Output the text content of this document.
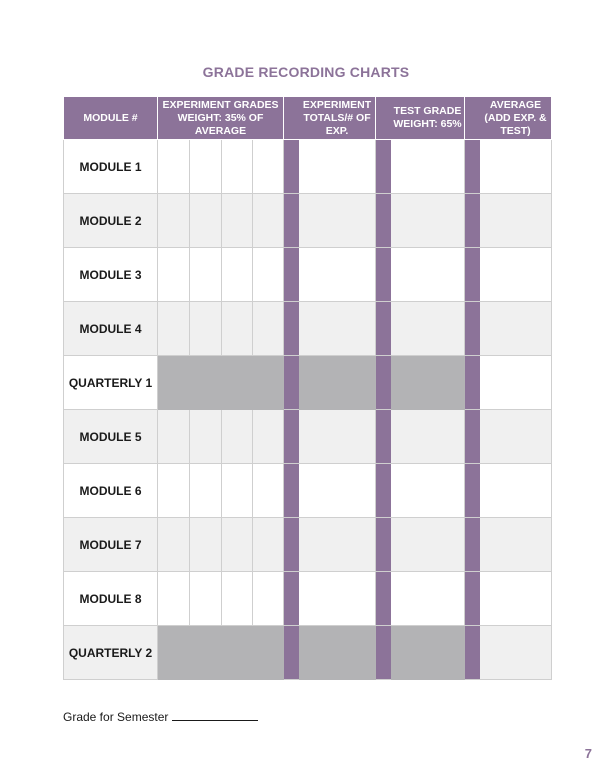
GRADE RECORDING CHARTS
MODULE #	EXPERIMENT GRADES WEIGHT: 35% OF AVERAGE					EXPERIMENT TOTALS/# OF EXP.		TEST GRADE WEIGHT: 65%		AVERAGE (ADD EXP. & TEST)
MODULE 1										
MODULE 2										
MODULE 3										
MODULE 4										
QUARTERLY 1										
MODULE 5										
MODULE 6										
MODULE 7										
MODULE 8										
QUARTERLY 2										
Grade for Semester
7
